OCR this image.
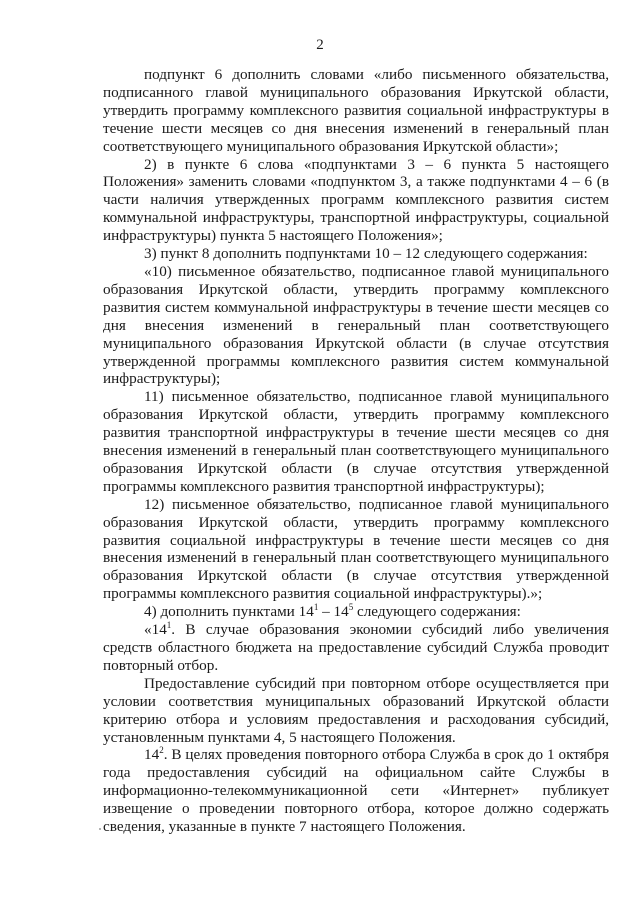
2

подпункт 6 дополнить словами «либо письменного обязательства, подписанного главой муниципального образования Иркутской области, утвердить программу комплексного развития социальной инфраструктуры в течение шести месяцев со дня внесения изменений в генеральный план соответствующего муниципального образования Иркутской области»;

2) в пункте 6 слова «подпунктами 3 – 6 пункта 5 настоящего Положения» заменить словами «подпунктом 3, а также подпунктами 4 – 6 (в части наличия утвержденных программ комплексного развития систем коммунальной инфраструктуры, транспортной инфраструктуры, социальной инфраструктуры) пункта 5 настоящего Положения»;

3) пункт 8 дополнить подпунктами 10 – 12 следующего содержания:

«10) письменное обязательство, подписанное главой муниципального образования Иркутской области, утвердить программу комплексного развития систем коммунальной инфраструктуры в течение шести месяцев со дня внесения изменений в генеральный план соответствующего муниципального образования Иркутской области (в случае отсутствия утвержденной программы комплексного развития систем коммунальной инфраструктуры);

11) письменное обязательство, подписанное главой муниципального образования Иркутской области, утвердить программу комплексного развития транспортной инфраструктуры в течение шести месяцев со дня внесения изменений в генеральный план соответствующего муниципального образования Иркутской области (в случае отсутствия утвержденной программы комплексного развития транспортной инфраструктуры);

12) письменное обязательство, подписанное главой муниципального образования Иркутской области, утвердить программу комплексного развития социальной инфраструктуры в течение шести месяцев со дня внесения изменений в генеральный план соответствующего муниципального образования Иркутской области (в случае отсутствия утвержденной программы комплексного развития социальной инфраструктуры).»;

4) дополнить пунктами $14^1 - 14^5$ следующего содержания:

«$14^1$. В случае образования экономии субсидий либо увеличения средств областного бюджета на предоставление субсидий Служба проводит повторный отбор.

Предоставление субсидий при повторном отборе осуществляется при условии соответствия муниципальных образований Иркутской области критерию отбора и условиям предоставления и расходования субсидий, установленным пунктами 4, 5 настоящего Положения.

$14^2$. В целях проведения повторного отбора Служба в срок до 1 октября года предоставления субсидий на официальном сайте Службы в информационно-телекоммуникационной сети «Интернет» публикует извещение о проведении повторного отбора, которое должно содержать сведения, указанные в пункте 7 настоящего Положения.
